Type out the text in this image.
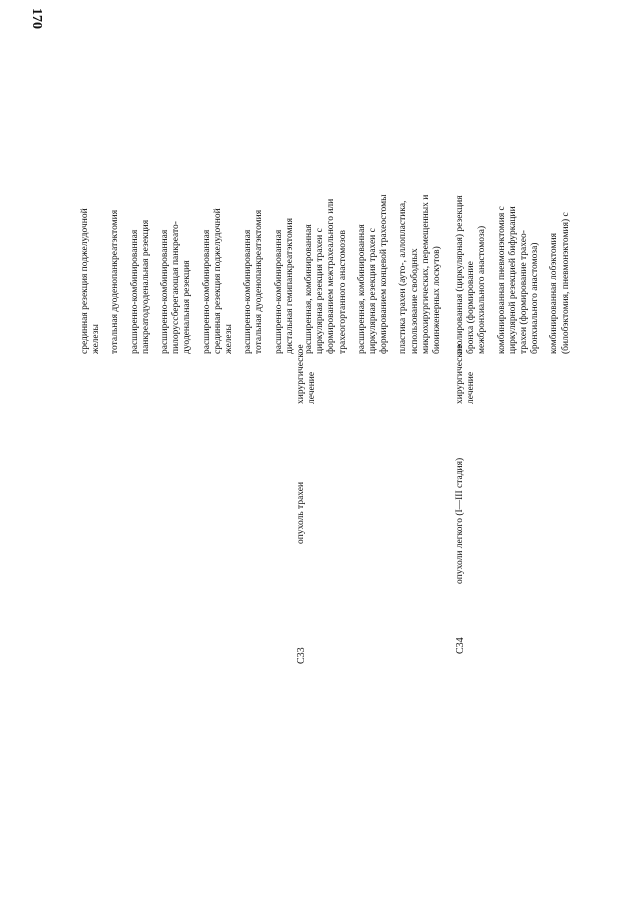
170
C33
опухоль трахеи
хирургическое лечение
срединная резекция поджелудочной железы тотальная дуоденопанкреатэктомия расширенно-комбинированная панкреатодуоденальная резекция расширенно-комбинированная пилоруссберегающая панкреато- дуоденальная резекция расширенно-комбинированная срединная резекция поджелудочной железы расширенно-комбинированная тотальная дуоденопанкреатэктомия расширенно-комбинированная дистальная гемипанкреатэктомия расширенная, комбинированная циркулярная резекция трахеи с формированием межтрахеального или трахеогортанного анастомозов расширенная, комбинированная циркулярная резекция трахеи с формированием концевой трахеостомы пластика трахеи (ауто-, аллопластика, использование свободных микрохирургических, перемещенных и биоинженерных лоскутов)
C34
опухоли легкого (I—III стадия)
хирургическое лечение
изолированная (циркулярная) резекция бронха (формирование межбронхиального анастомоза) комбинированная пневмонэктомия с циркулярной резекцией бифуркации трахеи (формирование трахео- бронхиального анастомоза) комбинированная лобэктомия (билобэктомия, пневмонэктомия) с
